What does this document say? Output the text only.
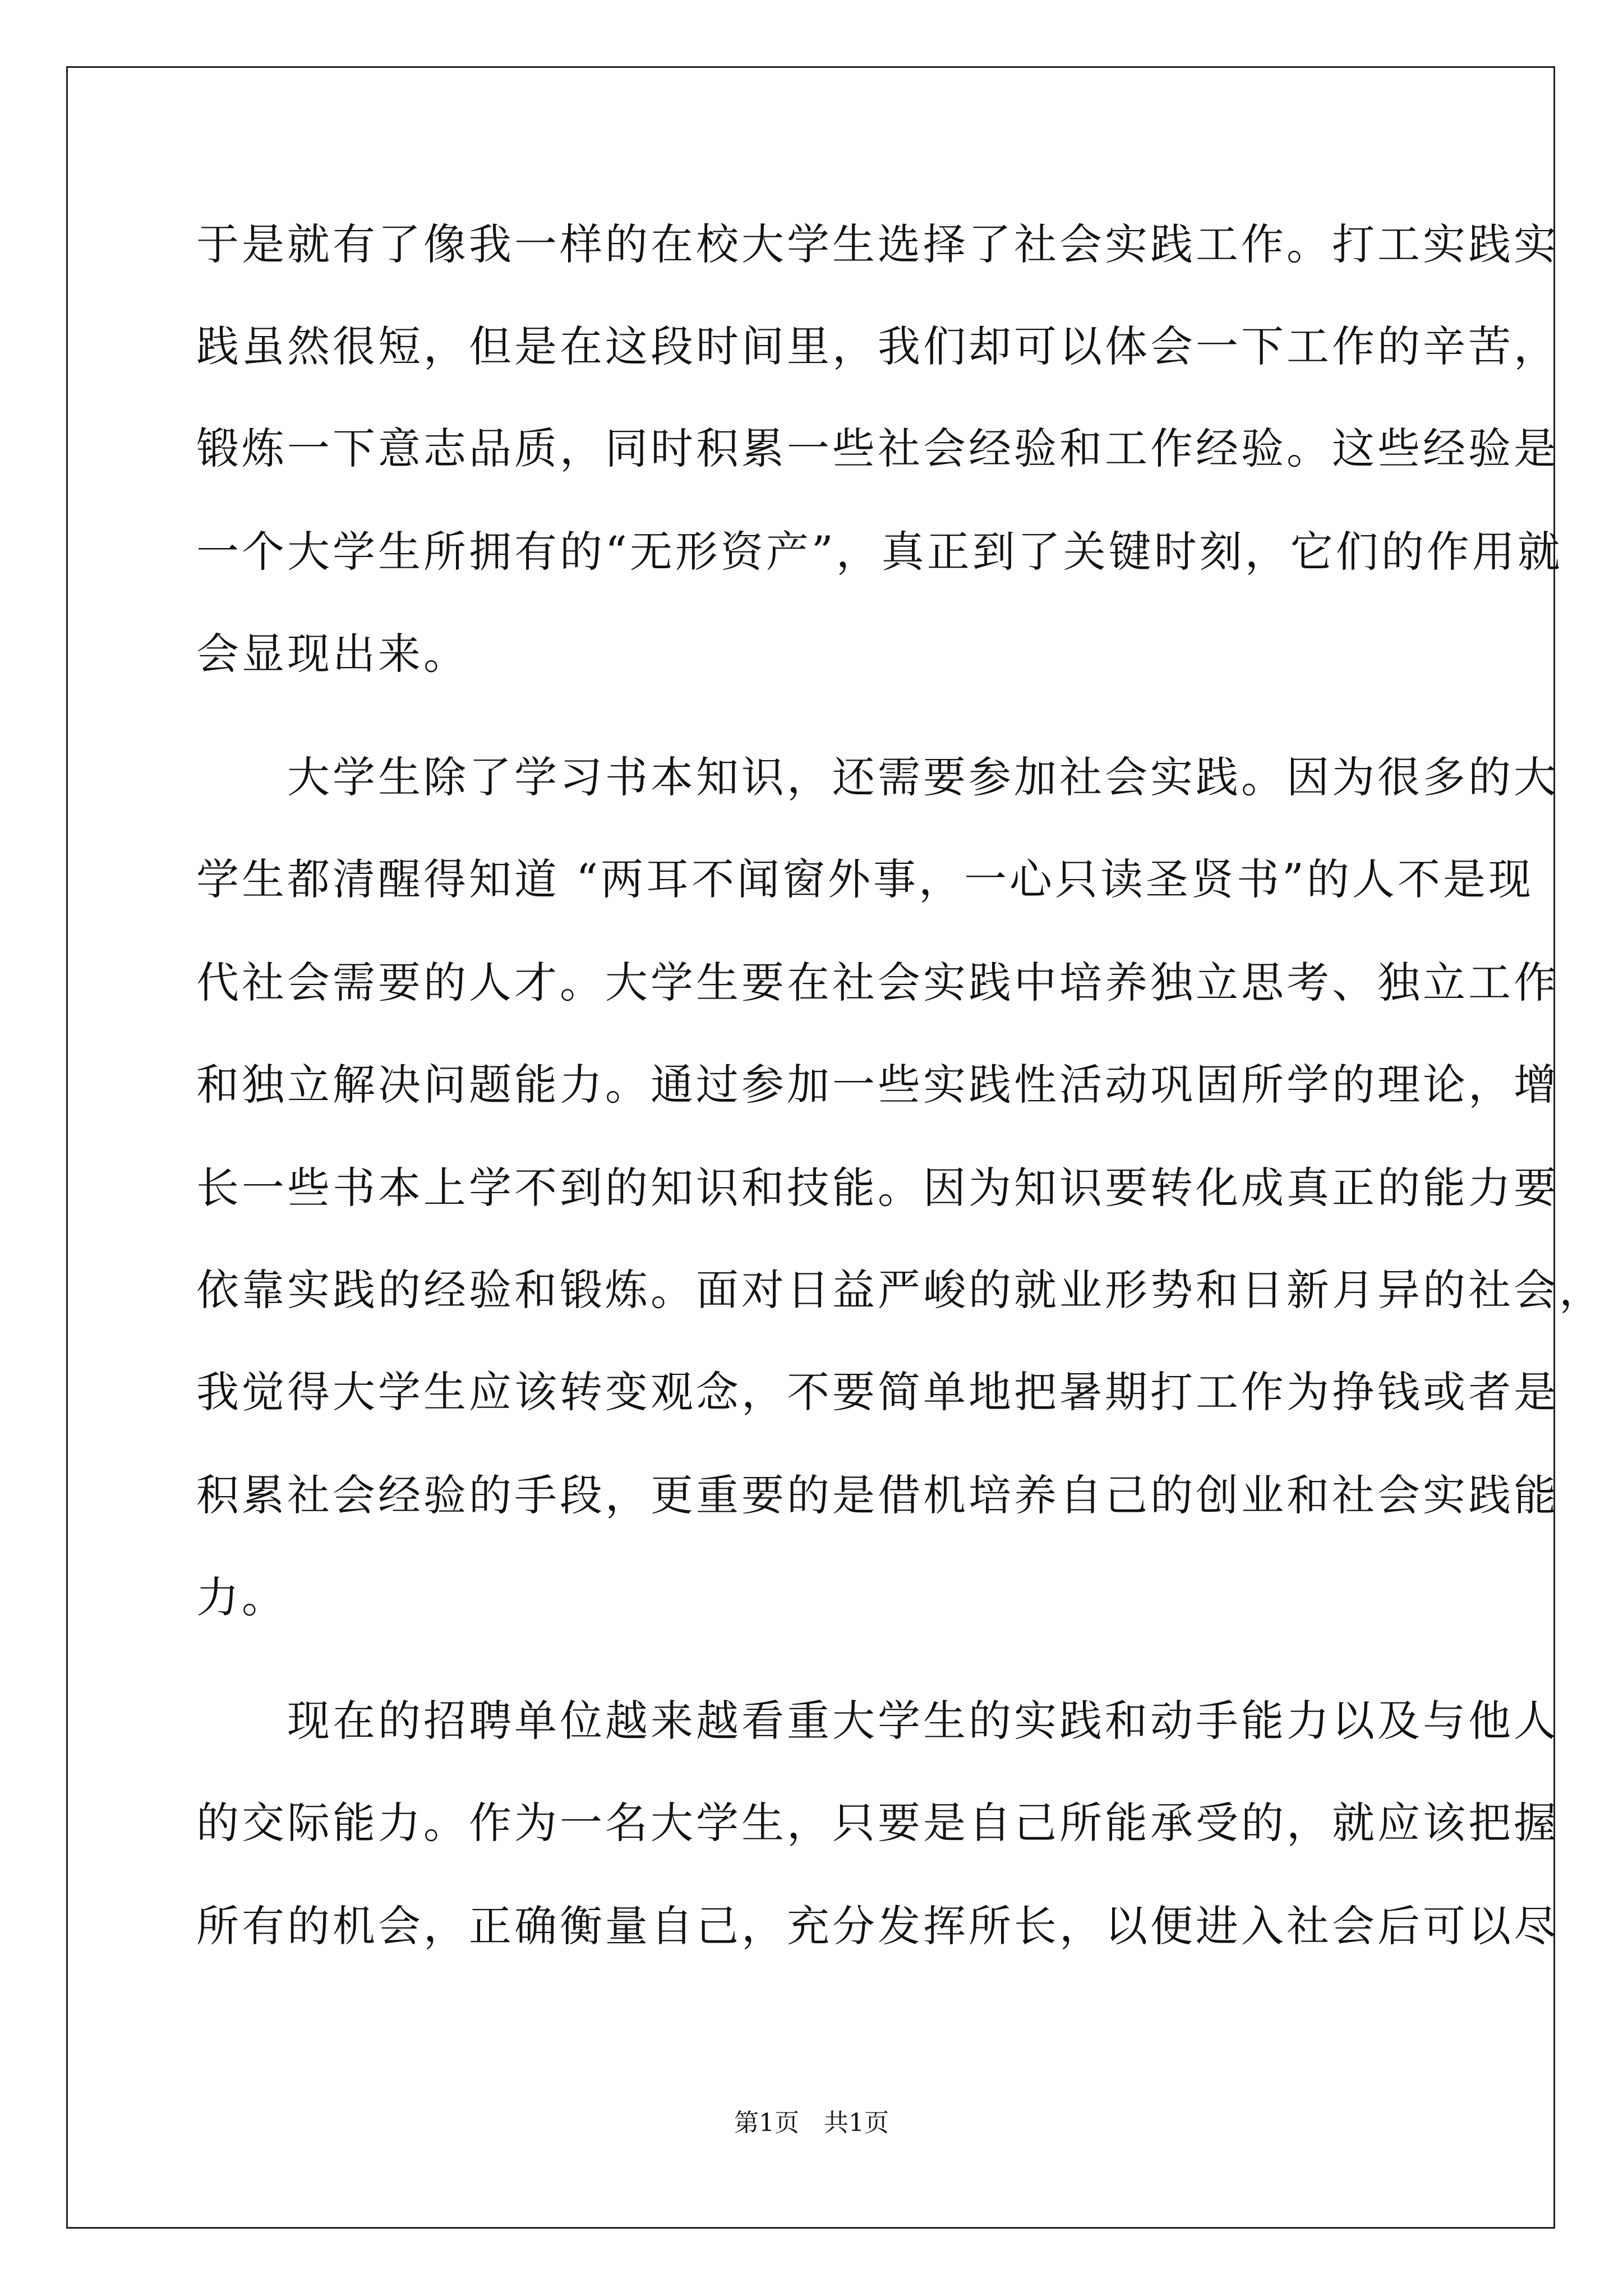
于是就有了像我一样的在校大学生选择了社会实践工作。打工实践实
践虽然很短，但是在这段时间里，我们却可以体会一下工作的辛苦，
锻炼一下意志品质，同时积累一些社会经验和工作经验。这些经验是
一个大学生所拥有的“无形资产”，真正到了关键时刻，它们的作用就
会显现出来。
　　大学生除了学习书本知识，还需要参加社会实践。因为很多的大
学生都清醒得知道 “两耳不闻窗外事，一心只读圣贤书”的人不是现
代社会需要的人才。大学生要在社会实践中培养独立思考、独立工作
和独立解决问题能力。通过参加一些实践性活动巩固所学的理论，增
长一些书本上学不到的知识和技能。因为知识要转化成真正的能力要
依靠实践的经验和锻炼。面对日益严峻的就业形势和日新月异的社会，
我觉得大学生应该转变观念，不要简单地把暑期打工作为挣钱或者是
积累社会经验的手段，更重要的是借机培养自己的创业和社会实践能
力。
　　现在的招聘单位越来越看重大学生的实践和动手能力以及与他人
的交际能力。作为一名大学生，只要是自己所能承受的，就应该把握
所有的机会，正确衡量自己，充分发挥所长，以便进入社会后可以尽
第1页　共1页
